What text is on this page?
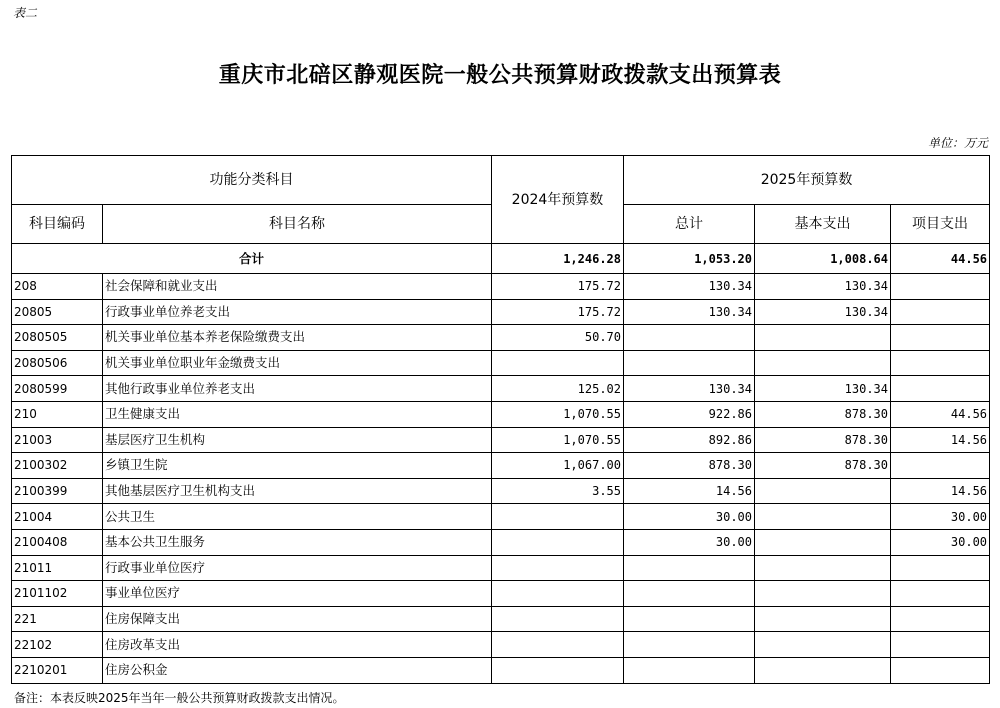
表二
重庆市北碚区静观医院一般公共预算财政拨款支出预算表
单位：万元
功能分类科目		2024年预算数	2025年预算数		
科目编码	科目名称		总计	基本支出	项目支出
合计		1,246.28	1,053.20	1,008.64	44.56
208	社会保障和就业支出	175.72	130.34	130.34	
20805	行政事业单位养老支出	175.72	130.34	130.34	
2080505	机关事业单位基本养老保险缴费支出	50.70			
2080506	机关事业单位职业年金缴费支出				
2080599	其他行政事业单位养老支出	125.02	130.34	130.34	
210	卫生健康支出	1,070.55	922.86	878.30	44.56
21003	基层医疗卫生机构	1,070.55	892.86	878.30	14.56
2100302	乡镇卫生院	1,067.00	878.30	878.30	
2100399	其他基层医疗卫生机构支出	3.55	14.56		14.56
21004	公共卫生		30.00		30.00
2100408	基本公共卫生服务		30.00		30.00
21011	行政事业单位医疗				
2101102	事业单位医疗				
221	住房保障支出				
22102	住房改革支出				
2210201	住房公积金				
备注：本表反映2025年当年一般公共预算财政拨款支出情况。
